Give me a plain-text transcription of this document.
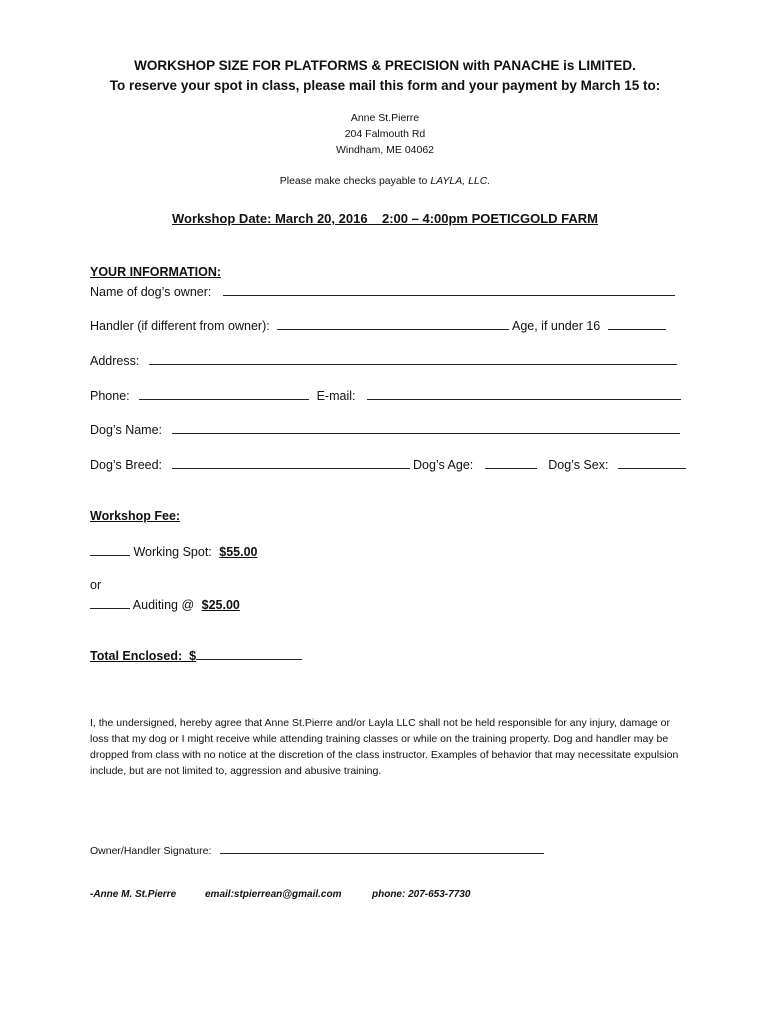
WORKSHOP SIZE FOR PLATFORMS & PRECISION with PANACHE is LIMITED.
To reserve your spot in class, please mail this form and your payment by March 15 to:
Anne St.Pierre
204 Falmouth Rd
Windham, ME 04062
Please make checks payable to LAYLA, LLC.
Workshop Date: March 20, 2016    2:00 – 4:00pm POETICGOLD FARM
YOUR INFORMATION:
Name of dog’s owner:
Handler (if different from owner):	Age, if under 16
Address:
Phone:	E-mail:
Dog’s Name:
Dog’s Breed:	Dog’s Age:	Dog’s Sex:
Workshop Fee:
Working Spot: $55.00
or
Auditing @ $25.00
Total Enclosed:  $
I, the undersigned, hereby agree that Anne St.Pierre and/or Layla LLC shall not be held responsible for any injury, damage or loss that my dog or I might receive while attending training classes or while on the training property. Dog and handler may be dropped from class with no notice at the discretion of the class instructor. Examples of behavior that may necessitate expulsion include, but are not limited to, aggression and abusive training.
Owner/Handler Signature:
-Anne M. St.Pierre	email:stpierrean@gmail.com	phone: 207-653-7730
